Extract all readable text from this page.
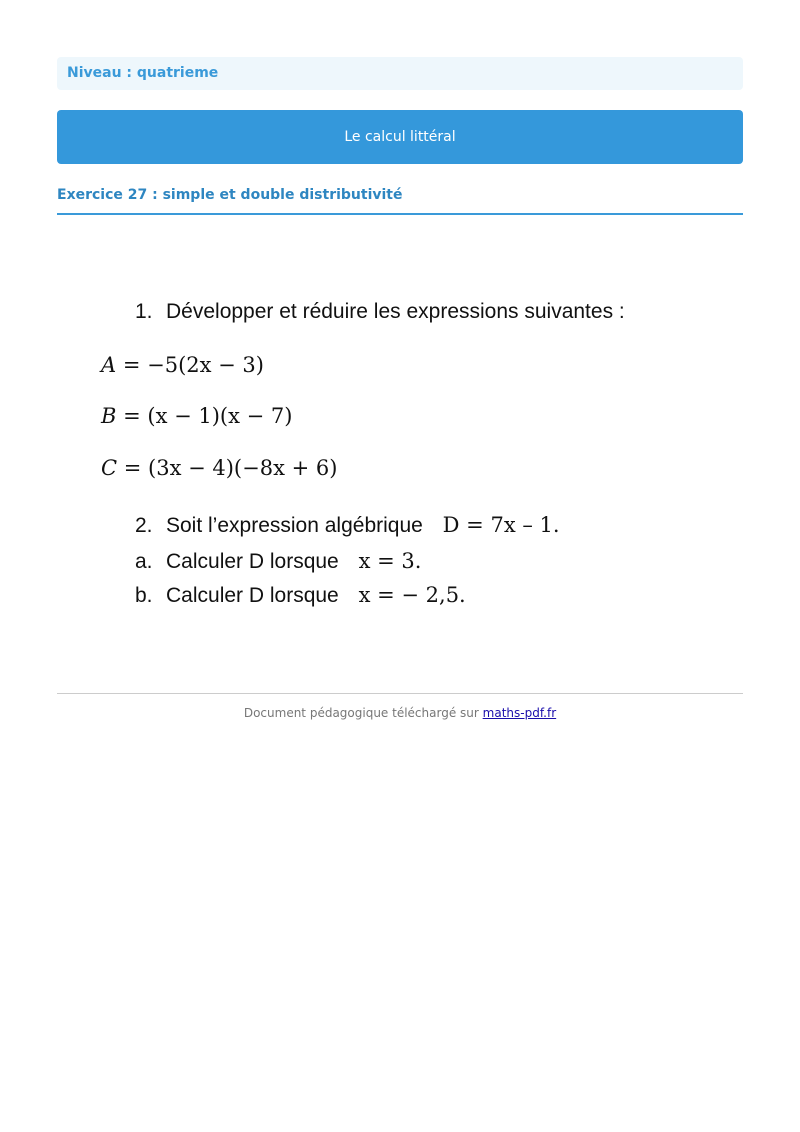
Niveau : quatrieme
Le calcul littéral
Exercice 27 : simple et double distributivité
1. Développer et réduire les expressions suivantes :
A = −5(2x − 3)
B = (x − 1)(x − 7)
C = (3x − 4)(−8x + 6)
2. Soit l’expression algébrique D = 7x – 1.
a. Calculer D lorsque x = 3.
b. Calculer D lorsque x = − 2,5.
Document pédagogique téléchargé sur maths-pdf.fr
